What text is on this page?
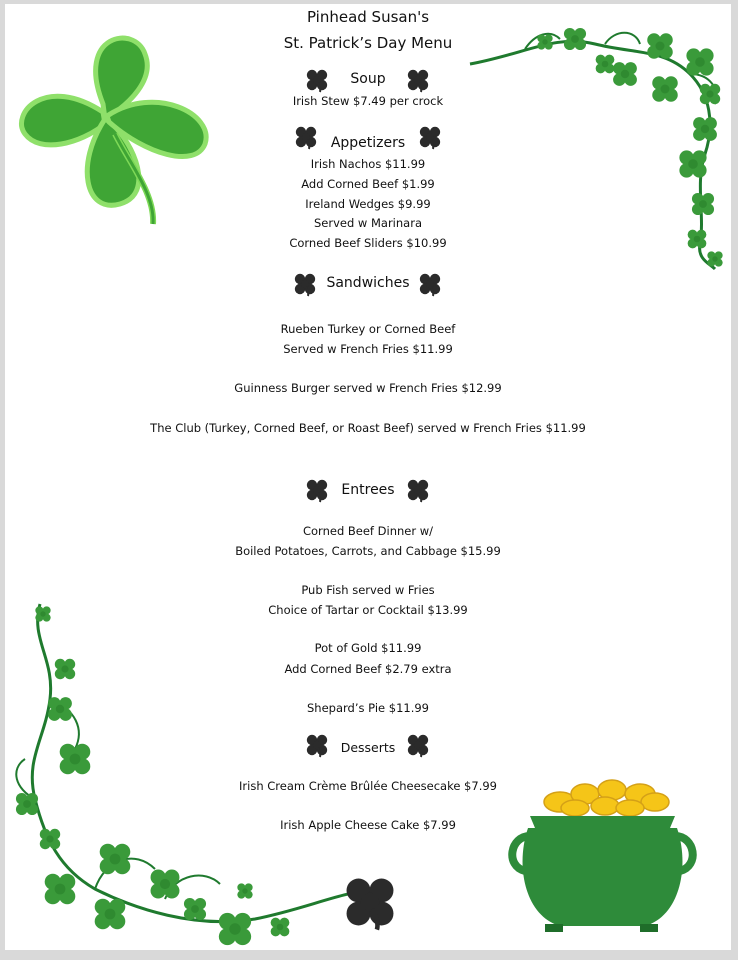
Pinhead Susan's
St. Patrick’s Day Menu
Soup
Irish Stew $7.49 per crock
Appetizers
Irish Nachos $11.99
Add Corned Beef $1.99
Ireland Wedges $9.99
Served w Marinara
Corned Beef Sliders $10.99
Sandwiches
Rueben Turkey or Corned Beef
Served w French Fries $11.99
Guinness Burger served w French Fries $12.99
The Club (Turkey, Corned Beef, or Roast Beef) served w French Fries $11.99
Entrees
Corned Beef Dinner w/
Boiled Potatoes, Carrots, and Cabbage $15.99
Pub Fish served w Fries
Choice of Tartar or Cocktail $13.99
Pot of Gold $11.99
Add Corned Beef $2.79 extra
Shepard’s Pie $11.99
Desserts
Irish Cream Crème Brûlée Cheesecake $7.99
Irish Apple Cheese Cake $7.99
